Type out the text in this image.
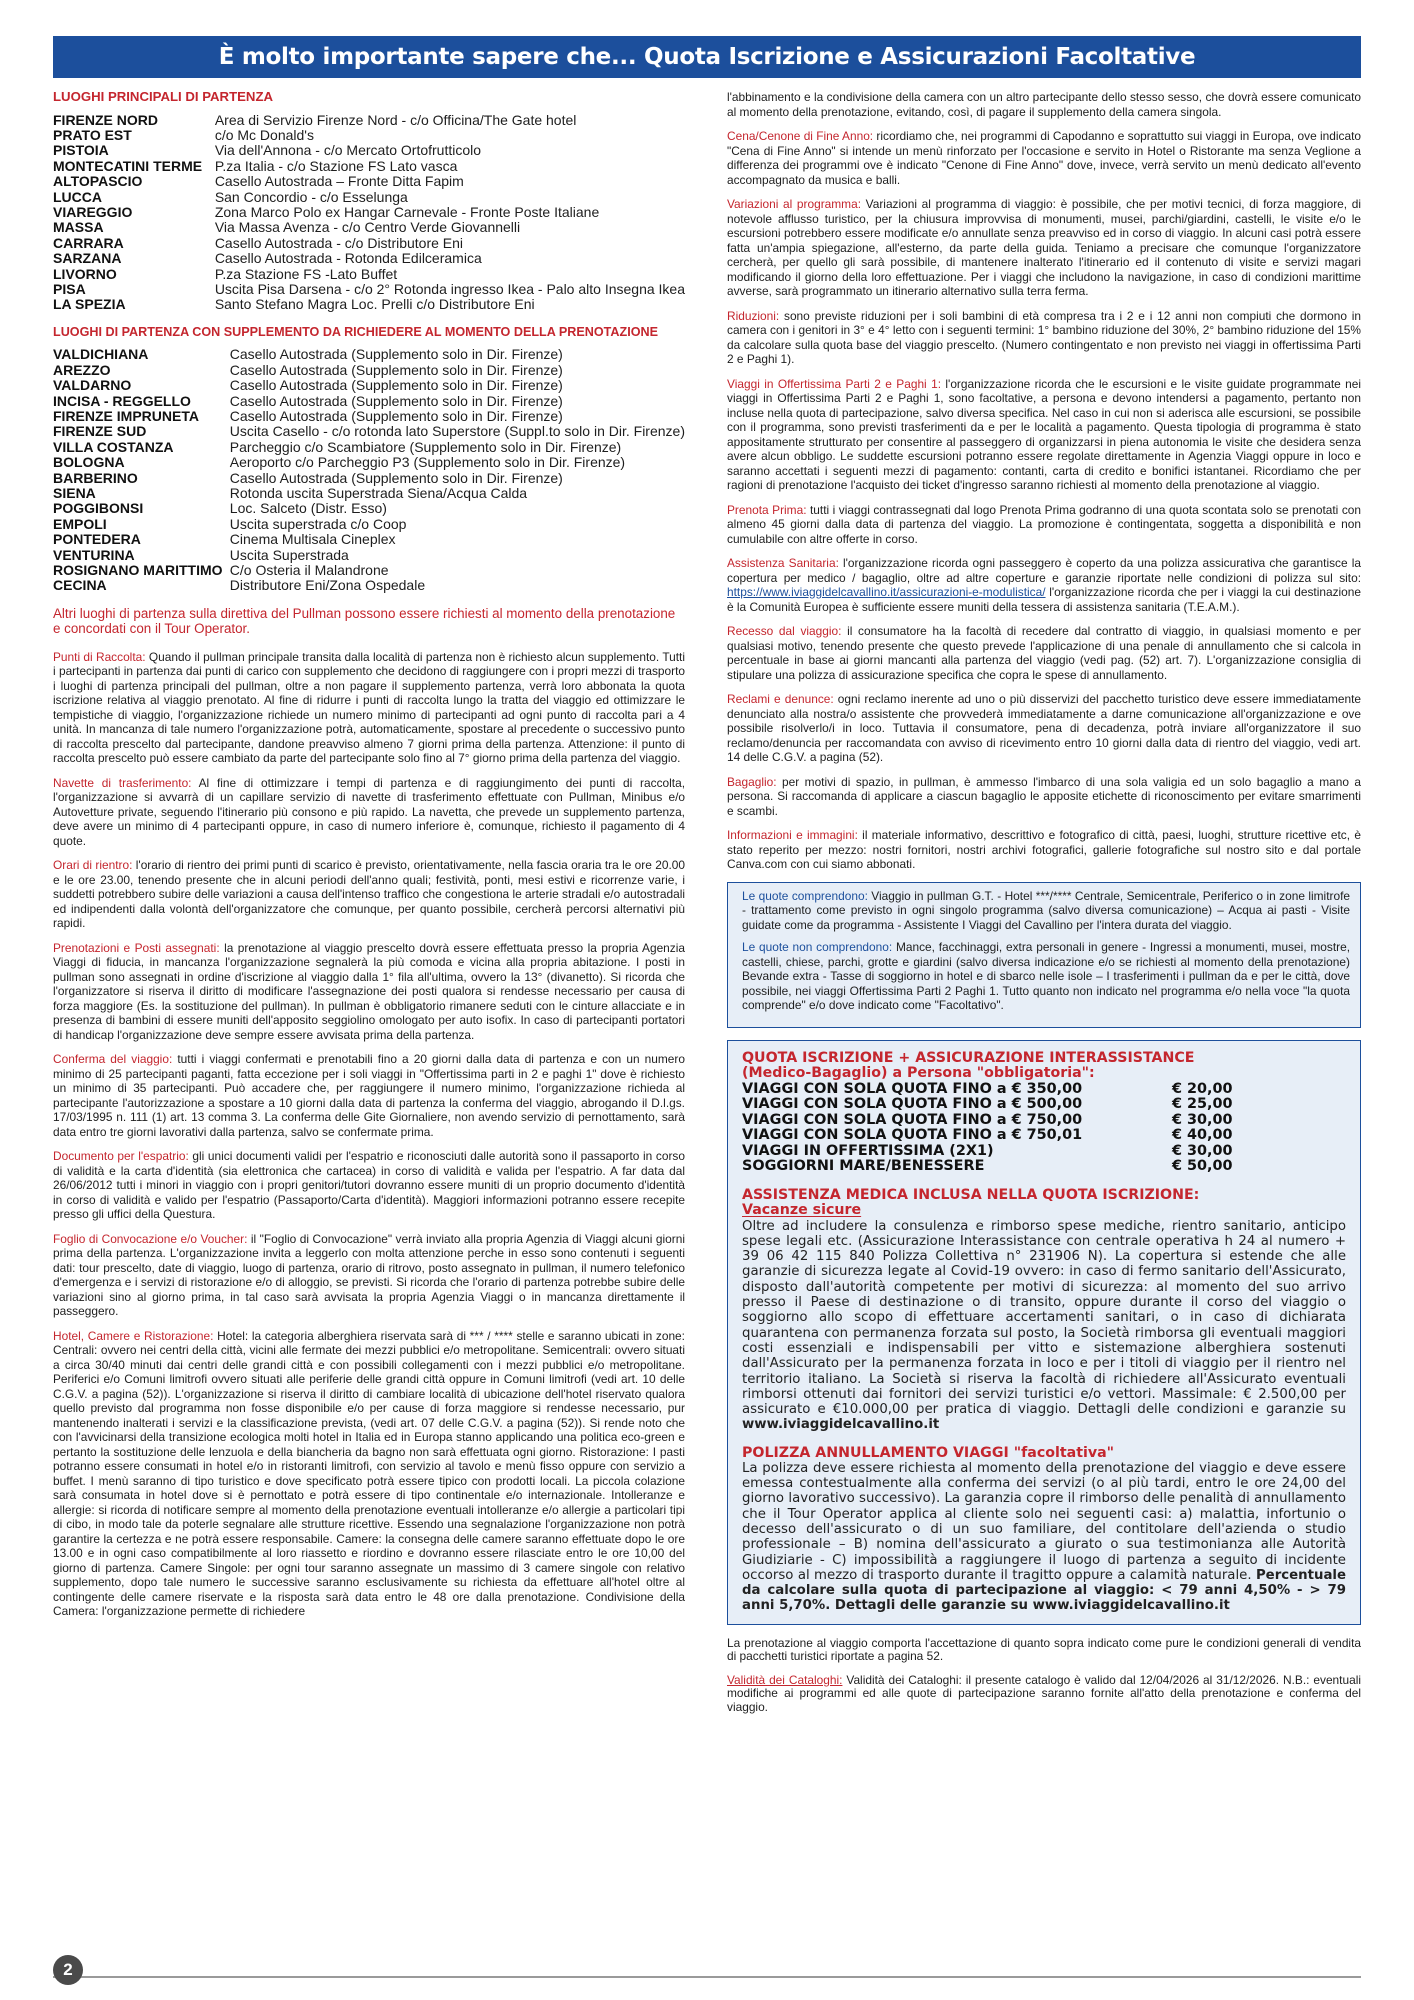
È molto importante sapere che... Quota Iscrizione e Assicurazioni Facoltative
LUOGHI PRINCIPALI DI PARTENZA
FIRENZE NORD	Area di Servizio Firenze Nord - c/o Officina/The Gate hotel
PRATO EST	c/o Mc Donald's
PISTOIA	Via dell'Annona - c/o Mercato Ortofrutticolo
MONTECATINI TERME	P.za Italia - c/o Stazione FS Lato vasca
ALTOPASCIO	Casello Autostrada – Fronte Ditta Fapim
LUCCA	San Concordio - c/o Esselunga
VIAREGGIO	Zona Marco Polo ex Hangar Carnevale - Fronte Poste Italiane
MASSA	Via Massa Avenza - c/o Centro Verde Giovannelli
CARRARA	Casello Autostrada - c/o Distributore Eni
SARZANA	Casello Autostrada - Rotonda Edilceramica
LIVORNO	P.za Stazione FS -Lato Buffet
PISA	Uscita Pisa Darsena - c/o 2° Rotonda ingresso Ikea - Palo alto Insegna Ikea
LA SPEZIA	Santo Stefano Magra Loc. Prelli c/o Distributore Eni
LUOGHI DI PARTENZA CON SUPPLEMENTO DA RICHIEDERE AL MOMENTO DELLA PRENOTAZIONE
VALDICHIANA	Casello Autostrada (Supplemento solo in Dir. Firenze)
AREZZO	Casello Autostrada (Supplemento solo in Dir. Firenze)
VALDARNO	Casello Autostrada (Supplemento solo in Dir. Firenze)
INCISA - REGGELLO	Casello Autostrada (Supplemento solo in Dir. Firenze)
FIRENZE IMPRUNETA	Casello Autostrada (Supplemento solo in Dir. Firenze)
FIRENZE SUD	Uscita Casello - c/o rotonda lato Superstore (Suppl.to solo in Dir. Firenze)
VILLA COSTANZA	Parcheggio c/o Scambiatore (Supplemento solo in Dir. Firenze)
BOLOGNA	Aeroporto c/o Parcheggio P3 (Supplemento solo in Dir. Firenze)
BARBERINO	Casello Autostrada (Supplemento solo in Dir. Firenze)
SIENA	Rotonda uscita Superstrada Siena/Acqua Calda
POGGIBONSI	Loc. Salceto (Distr. Esso)
EMPOLI	Uscita superstrada c/o Coop
PONTEDERA	Cinema Multisala Cineplex
VENTURINA	Uscita Superstrada
ROSIGNANO MARITTIMO	C/o Osteria il Malandrone
CECINA	Distributore Eni/Zona Ospedale
Altri luoghi di partenza sulla direttiva del Pullman possono essere richiesti al momento della prenotazione e concordati con il Tour Operator.

Punti di Raccolta: Quando il pullman principale transita dalla località di partenza non è richiesto alcun supplemento. Tutti i partecipanti in partenza dai punti di carico con supplemento che decidono di raggiungere con i propri mezzi di trasporto i luoghi di partenza principali del pullman, oltre a non pagare il supplemento partenza, verrà loro abbonata la quota iscrizione relativa al viaggio prenotato. Al fine di ridurre i punti di raccolta lungo la tratta del viaggio ed ottimizzare le tempistiche di viaggio, l'organizzazione richiede un numero minimo di partecipanti ad ogni punto di raccolta pari a 4 unità. In mancanza di tale numero l'organizzazione potrà, automaticamente, spostare al precedente o successivo punto di raccolta prescelto dal partecipante, dandone preavviso almeno 7 giorni prima della partenza. Attenzione: il punto di raccolta prescelto può essere cambiato da parte del partecipante solo fino al 7° giorno prima della partenza del viaggio.

Navette di trasferimento: Al fine di ottimizzare i tempi di partenza e di raggiungimento dei punti di raccolta, l'organizzazione si avvarrà di un capillare servizio di navette di trasferimento effettuate con Pullman, Minibus e/o Autovetture private, seguendo l'itinerario più consono e più rapido. La navetta, che prevede un supplemento partenza, deve avere un minimo di 4 partecipanti oppure, in caso di numero inferiore è, comunque, richiesto il pagamento di 4 quote.

Orari di rientro: l'orario di rientro dei primi punti di scarico è previsto, orientativamente, nella fascia oraria tra le ore 20.00 e le ore 23.00, tenendo presente che in alcuni periodi dell'anno quali; festività, ponti, mesi estivi e ricorrenze varie, i suddetti potrebbero subire delle variazioni a causa dell'intenso traffico che congestiona le arterie stradali e/o autostradali ed indipendenti dalla volontà dell'organizzatore che comunque, per quanto possibile, cercherà percorsi alternativi più rapidi.

Prenotazioni e Posti assegnati: la prenotazione al viaggio prescelto dovrà essere effettuata presso la propria Agenzia Viaggi di fiducia, in mancanza l'organizzazione segnalerà la più comoda e vicina alla propria abitazione. I posti in pullman sono assegnati in ordine d'iscrizione al viaggio dalla 1° fila all'ultima, ovvero la 13° (divanetto). Si ricorda che l'organizzatore si riserva il diritto di modificare l'assegnazione dei posti qualora si rendesse necessario per causa di forza maggiore (Es. la sostituzione del pullman). In pullman è obbligatorio rimanere seduti con le cinture allacciate e in presenza di bambini di essere muniti dell'apposito seggiolino omologato per auto isofix. In caso di partecipanti portatori di handicap l'organizzazione deve sempre essere avvisata prima della partenza.

Conferma del viaggio: tutti i viaggi confermati e prenotabili fino a 20 giorni dalla data di partenza e con un numero minimo di 25 partecipanti paganti, fatta eccezione per i soli viaggi in "Offertissima parti in 2 e paghi 1" dove è richiesto un minimo di 35 partecipanti. Può accadere che, per raggiungere il numero minimo, l'organizzazione richieda al partecipante l'autorizzazione a spostare a 10 giorni dalla data di partenza la conferma del viaggio, abrogando il D.l.gs. 17/03/1995 n. 111 (1) art. 13 comma 3. La conferma delle Gite Giornaliere, non avendo servizio di pernottamento, sarà data entro tre giorni lavorativi dalla partenza, salvo se confermate prima.

Documento per l'espatrio: gli unici documenti validi per l'espatrio e riconosciuti dalle autorità sono il passaporto in corso di validità e la carta d'identità (sia elettronica che cartacea) in corso di validità e valida per l'espatrio. A far data dal 26/06/2012 tutti i minori in viaggio con i propri genitori/tutori dovranno essere muniti di un proprio documento d'identità in corso di validità e valido per l'espatrio (Passaporto/Carta d'identità). Maggiori informazioni potranno essere recepite presso gli uffici della Questura.

Foglio di Convocazione e/o Voucher: il "Foglio di Convocazione" verrà inviato alla propria Agenzia di Viaggi alcuni giorni prima della partenza. L'organizzazione invita a leggerlo con molta attenzione perche in esso sono contenuti i seguenti dati: tour prescelto, date di viaggio, luogo di partenza, orario di ritrovo, posto assegnato in pullman, il numero telefonico d'emergenza e i servizi di ristorazione e/o di alloggio, se previsti. Si ricorda che l'orario di partenza potrebbe subire delle variazioni sino al giorno prima, in tal caso sarà avvisata la propria Agenzia Viaggi o in mancanza direttamente il passeggero.

Hotel, Camere e Ristorazione: Hotel: la categoria alberghiera riservata sarà di *** / **** stelle e saranno ubicati in zone: Centrali: ovvero nei centri della città, vicini alle fermate dei mezzi pubblici e/o metropolitane. Semicentrali: ovvero situati a circa 30/40 minuti dai centri delle grandi città e con possibili collegamenti con i mezzi pubblici e/o metropolitane. Periferici e/o Comuni limitrofi ovvero situati alle periferie delle grandi città oppure in Comuni limitrofi (vedi art. 10 delle C.G.V. a pagina (52)). L'organizzazione si riserva il diritto di cambiare località di ubicazione dell'hotel riservato qualora quello previsto dal programma non fosse disponibile e/o per cause di forza maggiore si rendesse necessario, pur mantenendo inalterati i servizi e la classificazione prevista, (vedi art. 07 delle C.G.V. a pagina (52)). Si rende noto che con l'avvicinarsi della transizione ecologica molti hotel in Italia ed in Europa stanno applicando una politica eco-green e pertanto la sostituzione delle lenzuola e della biancheria da bagno non sarà effettuata ogni giorno. Ristorazione: I pasti potranno essere consumati in hotel e/o in ristoranti limitrofi, con servizio al tavolo e menù fisso oppure con servizio a buffet. I menù saranno di tipo turistico e dove specificato potrà essere tipico con prodotti locali. La piccola colazione sarà consumata in hotel dove si è pernottato e potrà essere di tipo continentale e/o internazionale. Intolleranze e allergie: si ricorda di notificare sempre al momento della prenotazione eventuali intolleranze e/o allergie a particolari tipi di cibo, in modo tale da poterle segnalare alle strutture ricettive. Essendo una segnalazione l'organizzazione non potrà garantire la certezza e ne potrà essere responsabile. Camere: la consegna delle camere saranno effettuate dopo le ore 13.00 e in ogni caso compatibilmente al loro riassetto e riordino e dovranno essere rilasciate entro le ore 10,00 del giorno di partenza. Camere Singole: per ogni tour saranno assegnate un massimo di 3 camere singole con relativo supplemento, dopo tale numero le successive saranno esclusivamente su richiesta da effettuare all'hotel oltre al contingente delle camere riservate e la risposta sarà data entro le 48 ore dalla prenotazione. Condivisione della Camera: l'organizzazione permette di richiedere

l'abbinamento e la condivisione della camera con un altro partecipante dello stesso sesso, che dovrà essere comunicato al momento della prenotazione, evitando, così, di pagare il supplemento della camera singola.

Cena/Cenone di Fine Anno: ricordiamo che, nei programmi di Capodanno e soprattutto sui viaggi in Europa, ove indicato "Cena di Fine Anno" si intende un menù rinforzato per l'occasione e servito in Hotel o Ristorante ma senza Veglione a differenza dei programmi ove è indicato "Cenone di Fine Anno" dove, invece, verrà servito un menù dedicato all'evento accompagnato da musica e balli.

Variazioni al programma: Variazioni al programma di viaggio: è possibile, che per motivi tecnici, di forza maggiore, di notevole afflusso turistico, per la chiusura improvvisa di monumenti, musei, parchi/giardini, castelli, le visite e/o le escursioni potrebbero essere modificate e/o annullate senza preavviso ed in corso di viaggio. In alcuni casi potrà essere fatta un'ampia spiegazione, all'esterno, da parte della guida. Teniamo a precisare che comunque l'organizzatore cercherà, per quello gli sarà possibile, di mantenere inalterato l'itinerario ed il contenuto di visite e servizi magari modificando il giorno della loro effettuazione. Per i viaggi che includono la navigazione, in caso di condizioni marittime avverse, sarà programmato un itinerario alternativo sulla terra ferma.

Riduzioni: sono previste riduzioni per i soli bambini di età compresa tra i 2 e i 12 anni non compiuti che dormono in camera con i genitori in 3° e 4° letto con i seguenti termini: 1° bambino riduzione del 30%, 2° bambino riduzione del 15% da calcolare sulla quota base del viaggio prescelto. (Numero contingentato e non previsto nei viaggi in offertissima Parti 2 e Paghi 1).

Viaggi in Offertissima Parti 2 e Paghi 1: l'organizzazione ricorda che le escursioni e le visite guidate programmate nei viaggi in Offertissima Parti 2 e Paghi 1, sono facoltative, a persona e devono intendersi a pagamento, pertanto non incluse nella quota di partecipazione, salvo diversa specifica. Nel caso in cui non si aderisca alle escursioni, se possibile con il programma, sono previsti trasferimenti da e per le località a pagamento. Questa tipologia di programma è stato appositamente strutturato per consentire al passeggero di organizzarsi in piena autonomia le visite che desidera senza avere alcun obbligo. Le suddette escursioni potranno essere regolate direttamente in Agenzia Viaggi oppure in loco e saranno accettati i seguenti mezzi di pagamento: contanti, carta di credito e bonifici istantanei. Ricordiamo che per ragioni di prenotazione l'acquisto dei ticket d'ingresso saranno richiesti al momento della prenotazione al viaggio.

Prenota Prima: tutti i viaggi contrassegnati dal logo Prenota Prima godranno di una quota scontata solo se prenotati con almeno 45 giorni dalla data di partenza del viaggio. La promozione è contingentata, soggetta a disponibilità e non cumulabile con altre offerte in corso.

Assistenza Sanitaria: l'organizzazione ricorda ogni passeggero è coperto da una polizza assicurativa che garantisce la copertura per medico / bagaglio, oltre ad altre coperture e garanzie riportate nelle condizioni di polizza sul sito: https://www.iviaggidelcavallino.it/assicurazioni-e-modulistica/ l'organizzazione ricorda che per i viaggi la cui destinazione è la Comunità Europea è sufficiente essere muniti della tessera di assistenza sanitaria (T.E.A.M.).

Recesso dal viaggio: il consumatore ha la facoltà di recedere dal contratto di viaggio, in qualsiasi momento e per qualsiasi motivo, tenendo presente che questo prevede l'applicazione di una penale di annullamento che si calcola in percentuale in base ai giorni mancanti alla partenza del viaggio (vedi pag. (52) art. 7). L'organizzazione consiglia di stipulare una polizza di assicurazione specifica che copra le spese di annullamento.

Reclami e denunce: ogni reclamo inerente ad uno o più disservizi del pacchetto turistico deve essere immediatamente denunciato alla nostra/o assistente che provvederà immediatamente a darne comunicazione all'organizzazione e ove possibile risolverlo/i in loco. Tuttavia il consumatore, pena di decadenza, potrà inviare all'organizzatore il suo reclamo/denuncia per raccomandata con avviso di ricevimento entro 10 giorni dalla data di rientro del viaggio, vedi art. 14 delle C.G.V. a pagina (52).

Bagaglio: per motivi di spazio, in pullman, è ammesso l'imbarco di una sola valigia ed un solo bagaglio a mano a persona. Si raccomanda di applicare a ciascun bagaglio le apposite etichette di riconoscimento per evitare smarrimenti e scambi.

Informazioni e immagini: il materiale informativo, descrittivo e fotografico di città, paesi, luoghi, strutture ricettive etc, è stato reperito per mezzo: nostri fornitori, nostri archivi fotografici, gallerie fotografiche sul nostro sito e dal portale Canva.com con cui siamo abbonati.

Le quote comprendono: Viaggio in pullman G.T. - Hotel ***/**** Centrale, Semicentrale, Periferico o in zone limitrofe - trattamento come previsto in ogni singolo programma (salvo diversa comunicazione) – Acqua ai pasti - Visite guidate come da programma - Assistente I Viaggi del Cavallino per l'intera durata del viaggio.

Le quote non comprendono: Mance, facchinaggi, extra personali in genere - Ingressi a monumenti, musei, mostre, castelli, chiese, parchi, grotte e giardini (salvo diversa indicazione e/o se richiesti al momento della prenotazione) Bevande extra - Tasse di soggiorno in hotel e di sbarco nelle isole – I trasferimenti i pullman da e per le città, dove possibile, nei viaggi Offertissima Parti 2 Paghi 1. Tutto quanto non indicato nel programma e/o nella voce "la quota comprende" e/o dove indicato come "Facoltativo".

QUOTA ISCRIZIONE + ASSICURAZIONE INTERASSISTANCE
(Medico-Bagaglio) a Persona "obbligatoria":
VIAGGI CON SOLA QUOTA FINO a € 350,00	€ 20,00
VIAGGI CON SOLA QUOTA FINO a € 500,00	€ 25,00
VIAGGI CON SOLA QUOTA FINO a € 750,00	€ 30,00
VIAGGI CON SOLA QUOTA FINO a € 750,01	€ 40,00
VIAGGI IN OFFERTISSIMA (2X1)	€ 30,00
SOGGIORNI MARE/BENESSERE	€ 50,00
ASSISTENZA MEDICA INCLUSA NELLA QUOTA ISCRIZIONE:
Vacanze sicure
Oltre ad includere la consulenza e rimborso spese mediche, rientro sanitario, anticipo spese legali etc. (Assicurazione Interassistance con centrale operativa h 24 al numero + 39 06 42 115 840 Polizza Collettiva n° 231906 N). La copertura si estende che alle garanzie di sicurezza legate al Covid-19 ovvero: in caso di fermo sanitario dell'Assicurato, disposto dall'autorità competente per motivi di sicurezza: al momento del suo arrivo presso il Paese di destinazione o di transito, oppure durante il corso del viaggio o soggiorno allo scopo di effettuare accertamenti sanitari, o in caso di dichiarata quarantena con permanenza forzata sul posto, la Società rimborsa gli eventuali maggiori costi essenziali e indispensabili per vitto e sistemazione alberghiera sostenuti dall'Assicurato per la permanenza forzata in loco e per i titoli di viaggio per il rientro nel territorio italiano. La Società si riserva la facoltà di richiedere all'Assicurato eventuali rimborsi ottenuti dai fornitori dei servizi turistici e/o vettori. Massimale: € 2.500,00 per assicurato e €10.000,00 per pratica di viaggio. Dettagli delle condizioni e garanzie su www.iviaggidelcavallino.it
POLIZZA ANNULLAMENTO VIAGGI "facoltativa"
La polizza deve essere richiesta al momento della prenotazione del viaggio e deve essere emessa contestualmente alla conferma dei servizi (o al più tardi, entro le ore 24,00 del giorno lavorativo successivo). La garanzia copre il rimborso delle penalità di annullamento che il Tour Operator applica al cliente solo nei seguenti casi: a) malattia, infortunio o decesso dell'assicurato o di un suo familiare, del contitolare dell'azienda o studio professionale – B) nomina dell'assicurato a giurato o sua testimonianza alle Autorità Giudiziarie - C) impossibilità a raggiungere il luogo di partenza a seguito di incidente occorso al mezzo di trasporto durante il tragitto oppure a calamità naturale. Percentuale da calcolare sulla quota di partecipazione al viaggio: < 79 anni 4,50% - > 79 anni 5,70%. Dettagli delle garanzie su www.iviaggidelcavallino.it

La prenotazione al viaggio comporta l'accettazione di quanto sopra indicato come pure le condizioni generali di vendita di pacchetti turistici riportate a pagina 52.

Validità dei Cataloghi: Validità dei Cataloghi: il presente catalogo è valido dal 12/04/2026 al 31/12/2026. N.B.: eventuali modifiche ai programmi ed alle quote di partecipazione saranno fornite all'atto della prenotazione e conferma del viaggio.

2
